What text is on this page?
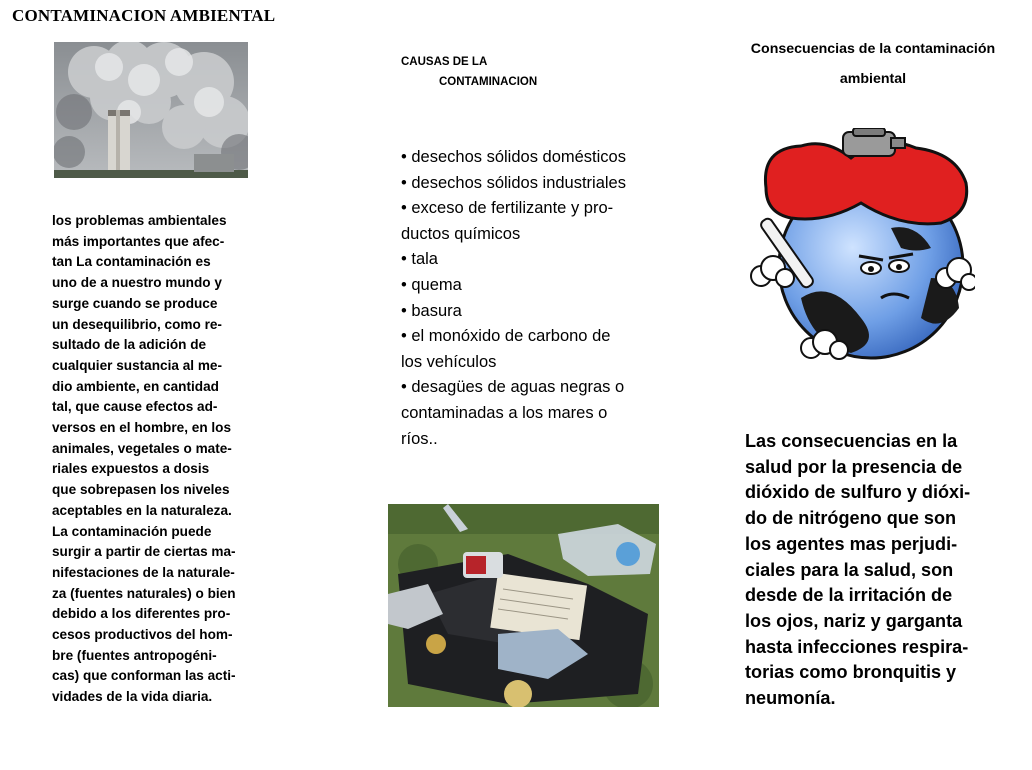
CONTAMINACION AMBIENTAL
los problemas ambientales
más importantes que afec-
tan La contaminación es
uno de a nuestro mundo y
surge cuando se produce
un desequilibrio, como re-
sultado de la adición de
cualquier sustancia al me-
dio ambiente, en cantidad
tal, que cause efectos ad-
versos en el hombre, en los
animales, vegetales o mate-
riales expuestos a dosis
que sobrepasen los niveles
aceptables en la naturaleza.
La contaminación puede
surgir a partir de ciertas ma-
nifestaciones de la naturale-
za (fuentes naturales) o bien
debido a los diferentes pro-
cesos productivos del hom-
bre (fuentes antropogéni-
cas) que conforman las acti-
vidades de la vida diaria.
CAUSAS DE LA
CONTAMINACION
• desechos sólidos domésticos
• desechos sólidos industriales
• exceso de fertilizante y pro-
ductos químicos
• tala
• quema
• basura
• el monóxido de carbono de
los vehículos
• desagües de aguas negras o
contaminadas a los mares o
ríos..
Consecuencias de la contaminación
ambiental
Las consecuencias en la
salud por la presencia de
dióxido de sulfuro y dióxi-
do de nitrógeno que son
los agentes mas perjudi-
ciales para la salud, son
desde de la irritación de
los ojos, nariz y garganta
hasta infecciones respira-
torias como bronquitis y
neumonía.
